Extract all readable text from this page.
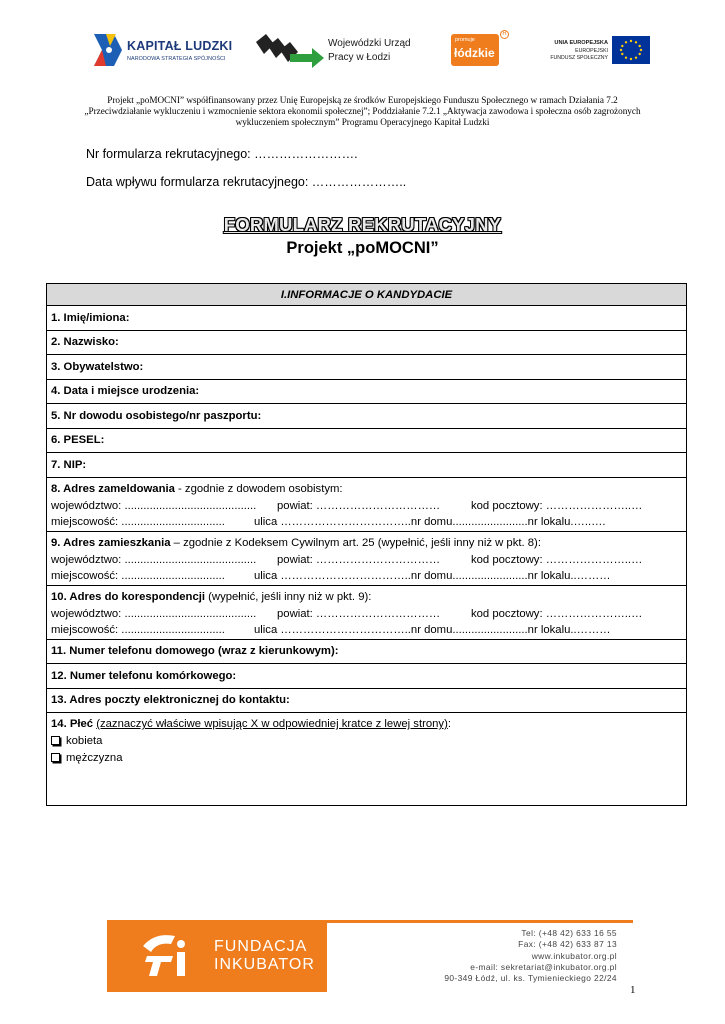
KAPITAŁ LUDZKI
NARODOWA STRATEGIA SPÓJNOŚCI
Wojewódzki Urząd
Pracy w Łodzi
promuje
łódzkie
R
UNIA EUROPEJSKA
EUROPEJSKI
FUNDUSZ SPOŁECZNY
Projekt „poMOCNI” współfinansowany przez Unię Europejską ze środków Europejskiego Funduszu Społecznego w ramach Działania 7.2 „Przeciwdziałanie wykluczeniu i wzmocnienie sektora ekonomii społecznej”; Poddziałanie 7.2.1 „Aktywacja zawodowa i społeczna osób zagrożonych wykluczeniem społecznym” Programu Operacyjnego Kapitał Ludzki
Nr formularza rekrutacyjnego: …………………….
Data wpływu formularza rekrutacyjnego: …………………..
FORMULARZ REKRUTACYJNY
Projekt „poMOCNI”
I.INFORMACJE O KANDYDACIE
1. Imię/imiona:
2. Nazwisko:
3. Obywatelstwo:
4. Data i miejsce urodzenia:
5. Nr dowodu osobistego/nr paszportu:
6. PESEL:
7. NIP:
8. Adres zameldowania - zgodnie z dowodem osobistym:
województwo: .......................................... powiat: ……………………………	kod pocztowy: …………………..…
miejscowość: .................................	ulica ……………………………..nr domu........................nr lokalu.…..….
9. Adres zamieszkania – zgodnie z Kodeksem Cywilnym art. 25 (wypełnić, jeśli inny niż w pkt. 8):
województwo: .......................................... powiat: ……………………………	kod pocztowy: …………………..…
miejscowość: .................................	ulica ……………………………..nr domu........................nr lokalu..………
10. Adres do korespondencji (wypełnić, jeśli inny niż w pkt. 9):
województwo: .......................................... powiat: ……………………………	kod pocztowy: …………………..…
miejscowość: .................................	ulica ……………………………..nr domu........................nr lokalu..………
11. Numer telefonu domowego (wraz z kierunkowym):
12. Numer telefonu komórkowego:
13. Adres poczty elektronicznej do kontaktu:
14. Płeć (zaznaczyć właściwe wpisując X w odpowiedniej kratce z lewej strony):
kobieta
mężczyzna
FUNDACJA
INKUBATOR
Tel: (+48 42) 633 16 55
Fax: (+48 42) 633 87 13
www.inkubator.org.pl
e-mail: sekretariat@inkubator.org.pl
90-349 Łódź, ul. ks. Tymienieckiego 22/24
1
